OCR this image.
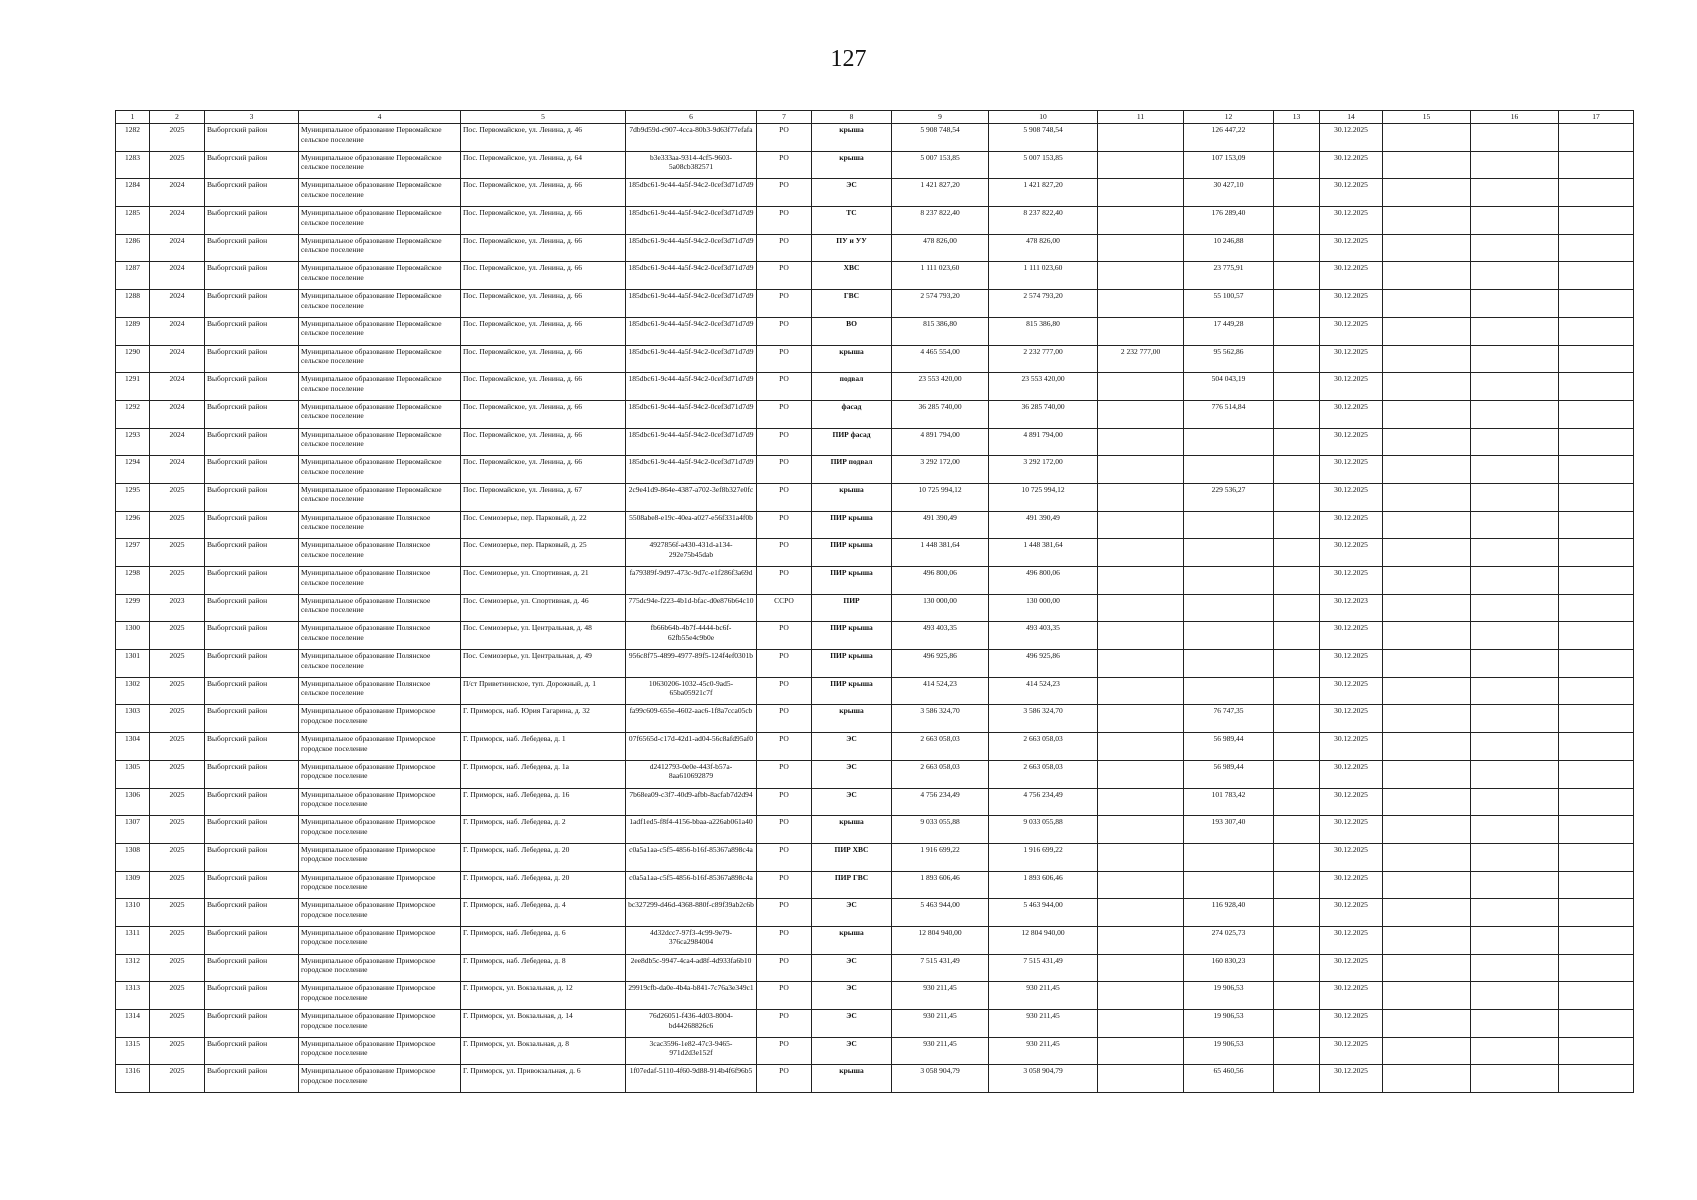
127
1	2	3	4	5	6	7	8	9	10	11	12	13	14	15	16	17
1282	2025	Выборгский район	Муниципальное образование Первомайское сельское поселение	Пос. Первомайское, ул. Ленина, д. 46	7db9d59d-c907-4cca-80b3-9d63f77efafa	РО	крыша	5 908 748,54	5 908 748,54		126 447,22		30.12.2025			
1283	2025	Выборгский район	Муниципальное образование Первомайское сельское поселение	Пос. Первомайское, ул. Ленина, д. 64	b3e333aa-9314-4cf5-9603-5a08cb382571	РО	крыша	5 007 153,85	5 007 153,85		107 153,09		30.12.2025			
1284	2024	Выборгский район	Муниципальное образование Первомайское сельское поселение	Пос. Первомайское, ул. Ленина, д. 66	185dbc61-9c44-4a5f-94c2-0cef3d71d7d9	РО	ЭС	1 421 827,20	1 421 827,20		30 427,10		30.12.2025			
1285	2024	Выборгский район	Муниципальное образование Первомайское сельское поселение	Пос. Первомайское, ул. Ленина, д. 66	185dbc61-9c44-4a5f-94c2-0cef3d71d7d9	РО	ТС	8 237 822,40	8 237 822,40		176 289,40		30.12.2025			
1286	2024	Выборгский район	Муниципальное образование Первомайское сельское поселение	Пос. Первомайское, ул. Ленина, д. 66	185dbc61-9c44-4a5f-94c2-0cef3d71d7d9	РО	ПУ и УУ	478 826,00	478 826,00		10 246,88		30.12.2025			
1287	2024	Выборгский район	Муниципальное образование Первомайское сельское поселение	Пос. Первомайское, ул. Ленина, д. 66	185dbc61-9c44-4a5f-94c2-0cef3d71d7d9	РО	ХВС	1 111 023,60	1 111 023,60		23 775,91		30.12.2025			
1288	2024	Выборгский район	Муниципальное образование Первомайское сельское поселение	Пос. Первомайское, ул. Ленина, д. 66	185dbc61-9c44-4a5f-94c2-0cef3d71d7d9	РО	ГВС	2 574 793,20	2 574 793,20		55 100,57		30.12.2025			
1289	2024	Выборгский район	Муниципальное образование Первомайское сельское поселение	Пос. Первомайское, ул. Ленина, д. 66	185dbc61-9c44-4a5f-94c2-0cef3d71d7d9	РО	ВО	815 386,80	815 386,80		17 449,28		30.12.2025			
1290	2024	Выборгский район	Муниципальное образование Первомайское сельское поселение	Пос. Первомайское, ул. Ленина, д. 66	185dbc61-9c44-4a5f-94c2-0cef3d71d7d9	РО	крыша	4 465 554,00	2 232 777,00	2 232 777,00	95 562,86		30.12.2025			
1291	2024	Выборгский район	Муниципальное образование Первомайское сельское поселение	Пос. Первомайское, ул. Ленина, д. 66	185dbc61-9c44-4a5f-94c2-0cef3d71d7d9	РО	подвал	23 553 420,00	23 553 420,00		504 043,19		30.12.2025			
1292	2024	Выборгский район	Муниципальное образование Первомайское сельское поселение	Пос. Первомайское, ул. Ленина, д. 66	185dbc61-9c44-4a5f-94c2-0cef3d71d7d9	РО	фасад	36 285 740,00	36 285 740,00		776 514,84		30.12.2025			
1293	2024	Выборгский район	Муниципальное образование Первомайское сельское поселение	Пос. Первомайское, ул. Ленина, д. 66	185dbc61-9c44-4a5f-94c2-0cef3d71d7d9	РО	ПИР фасад	4 891 794,00	4 891 794,00				30.12.2025			
1294	2024	Выборгский район	Муниципальное образование Первомайское сельское поселение	Пос. Первомайское, ул. Ленина, д. 66	185dbc61-9c44-4a5f-94c2-0cef3d71d7d9	РО	ПИР подвал	3 292 172,00	3 292 172,00				30.12.2025			
1295	2025	Выборгский район	Муниципальное образование Первомайское сельское поселение	Пос. Первомайское, ул. Ленина, д. 67	2c9e41d9-864e-4387-a702-3ef8b327e0fc	РО	крыша	10 725 994,12	10 725 994,12		229 536,27		30.12.2025			
1296	2025	Выборгский район	Муниципальное образование Полянское сельское поселение	Пос. Семиозерье, пер. Парковый, д. 22	5508abe8-e19c-40ea-a027-e56f331a4f0b	РО	ПИР крыша	491 390,49	491 390,49				30.12.2025			
1297	2025	Выборгский район	Муниципальное образование Полянское сельское поселение	Пос. Семиозерье, пер. Парковый, д. 25	4927856f-a430-431d-a134-292e75b45dab	РО	ПИР крыша	1 448 381,64	1 448 381,64				30.12.2025			
1298	2025	Выборгский район	Муниципальное образование Полянское сельское поселение	Пос. Семиозерье, ул. Спортивная, д. 21	fa79389f-9d97-473c-9d7c-e1f286f3a69d	РО	ПИР крыша	496 800,06	496 800,06				30.12.2025			
1299	2023	Выборгский район	Муниципальное образование Полянское сельское поселение	Пос. Семиозерье, ул. Спортивная, д. 46	775dc94e-f223-4b1d-bfac-d0e876b64c10	ССРО	ПИР	130 000,00	130 000,00				30.12.2023			
1300	2025	Выборгский район	Муниципальное образование Полянское сельское поселение	Пос. Семиозерье, ул. Центральная, д. 48	fb66b64b-4b7f-4444-bc6f-62fb55e4c9b0e	РО	ПИР крыша	493 403,35	493 403,35				30.12.2025			
1301	2025	Выборгский район	Муниципальное образование Полянское сельское поселение	Пос. Семиозерье, ул. Центральная, д. 49	956c8f75-4899-4977-89f5-124f4ef0301b	РО	ПИР крыша	496 925,86	496 925,86				30.12.2025			
1302	2025	Выборгский район	Муниципальное образование Полянское сельское поселение	П/ст Приветнинское, туп. Дорожный, д. 1	10630206-1032-45c0-9ad5-65ba05921c7f	РО	ПИР крыша	414 524,23	414 524,23				30.12.2025			
1303	2025	Выборгский район	Муниципальное образование Приморское городское поселение	Г. Приморск, наб. Юрия Гагарина, д. 32	fa99c609-655e-4602-aac6-1f8a7cca05cb	РО	крыша	3 586 324,70	3 586 324,70		76 747,35		30.12.2025			
1304	2025	Выборгский район	Муниципальное образование Приморское городское поселение	Г. Приморск, наб. Лебедева, д. 1	07f6565d-c17d-42d1-ad04-56c8afd95af0	РО	ЭС	2 663 058,03	2 663 058,03		56 989,44		30.12.2025			
1305	2025	Выборгский район	Муниципальное образование Приморское городское поселение	Г. Приморск, наб. Лебедева, д. 1а	d2412793-0e0e-443f-b57a-8aa610692879	РО	ЭС	2 663 058,03	2 663 058,03		56 989,44		30.12.2025			
1306	2025	Выборгский район	Муниципальное образование Приморское городское поселение	Г. Приморск, наб. Лебедева, д. 16	7b68ea09-c3f7-40d9-afbb-8acfab7d2d94	РО	ЭС	4 756 234,49	4 756 234,49		101 783,42		30.12.2025			
1307	2025	Выборгский район	Муниципальное образование Приморское городское поселение	Г. Приморск, наб. Лебедева, д. 2	1adf1ed5-f8f4-4156-bbaa-a226ab061a40	РО	крыша	9 033 055,88	9 033 055,88		193 307,40		30.12.2025			
1308	2025	Выборгский район	Муниципальное образование Приморское городское поселение	Г. Приморск, наб. Лебедева, д. 20	c0a5a1aa-c5f5-4856-b16f-85367a898c4a	РО	ПИР ХВС	1 916 699,22	1 916 699,22				30.12.2025			
1309	2025	Выборгский район	Муниципальное образование Приморское городское поселение	Г. Приморск, наб. Лебедева, д. 20	c0a5a1aa-c5f5-4856-b16f-85367a898c4a	РО	ПИР ГВС	1 893 606,46	1 893 606,46				30.12.2025			
1310	2025	Выборгский район	Муниципальное образование Приморское городское поселение	Г. Приморск, наб. Лебедева, д. 4	bc327299-d46d-4368-880f-c89f39ab2c6b	РО	ЭС	5 463 944,00	5 463 944,00		116 928,40		30.12.2025			
1311	2025	Выборгский район	Муниципальное образование Приморское городское поселение	Г. Приморск, наб. Лебедева, д. 6	4d32dcc7-97f3-4c99-9e79-376ca2984004	РО	крыша	12 804 940,00	12 804 940,00		274 025,73		30.12.2025			
1312	2025	Выборгский район	Муниципальное образование Приморское городское поселение	Г. Приморск, наб. Лебедева, д. 8	2ee8db5c-9947-4ca4-ad8f-4d933fa6b10	РО	ЭС	7 515 431,49	7 515 431,49		160 830,23		30.12.2025			
1313	2025	Выборгский район	Муниципальное образование Приморское городское поселение	Г. Приморск, ул. Вокзальная, д. 12	29919cfb-da0e-4b4a-b841-7c76a3e349c1	РО	ЭС	930 211,45	930 211,45		19 906,53		30.12.2025			
1314	2025	Выборгский район	Муниципальное образование Приморское городское поселение	Г. Приморск, ул. Вокзальная, д. 14	76d26051-f436-4d03-8004-bd44268826c6	РО	ЭС	930 211,45	930 211,45		19 906,53		30.12.2025			
1315	2025	Выборгский район	Муниципальное образование Приморское городское поселение	Г. Приморск, ул. Вокзальная, д. 8	3cac3596-1e82-47c3-9465-971d2d3e152f	РО	ЭС	930 211,45	930 211,45		19 906,53		30.12.2025			
1316	2025	Выборгский район	Муниципальное образование Приморское городское поселение	Г. Приморск, ул. Привокзальная, д. 6	1f07edaf-5110-4f60-9d88-914b4f6f96b5	РО	крыша	3 058 904,79	3 058 904,79		65 460,56		30.12.2025			
